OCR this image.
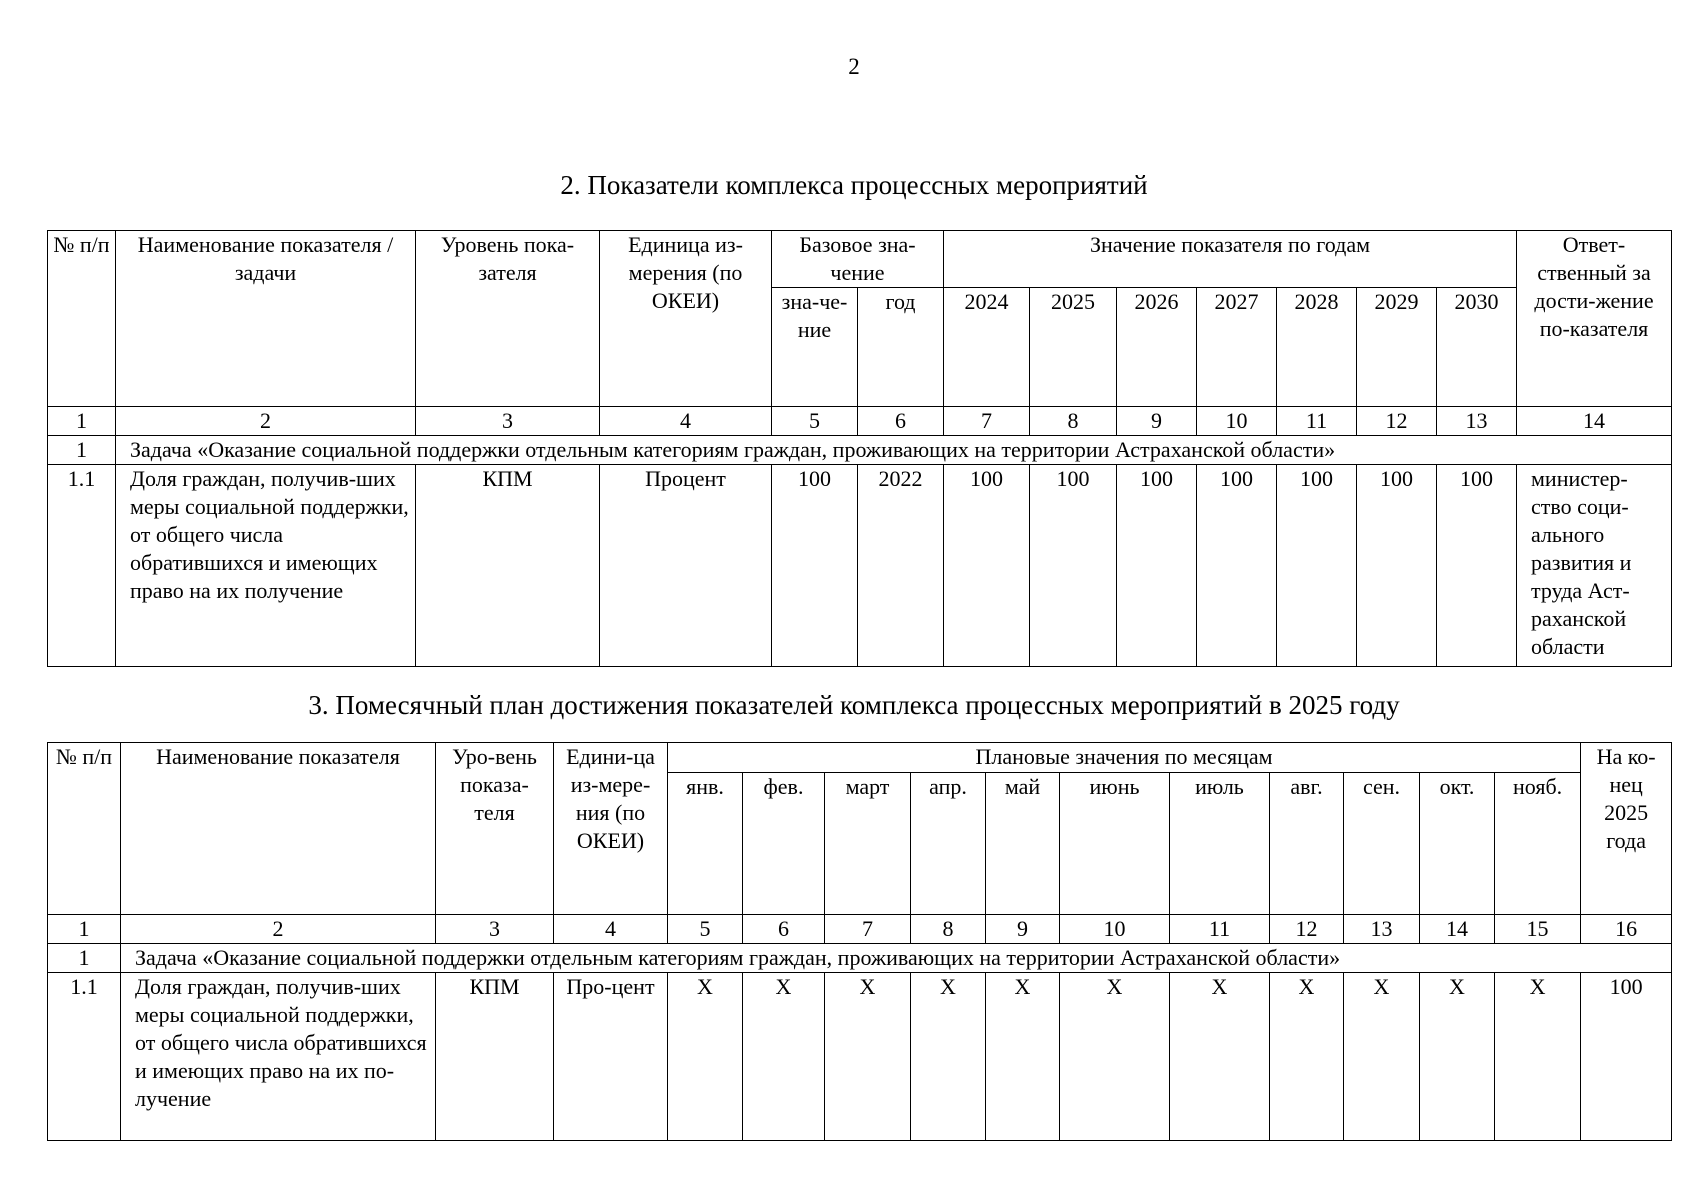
2
2. Показатели комплекса процессных мероприятий
№ п/п	Наименование показателя / задачи	Уровень пока-зателя	Единица из-мерения (по ОКЕИ)	Базовое зна-чение		Значение показателя по годам							Ответ-ственный за дости-жение по-казателя
				зна-че-ние	год	2024	2025	2026	2027	2028	2029	2030	
1	2	3	4	5	6	7	8	9	10	11	12	13	14
1	Задача «Оказание социальной поддержки отдельным категориям граждан, проживающих на территории Астраханской области»												
1.1	Доля граждан, получив-ших меры социальной поддержки, от общего числа обратившихся и имеющих право на их получение	КПМ	Процент	100	2022	100	100	100	100	100	100	100	министер-ство соци-ального развития и труда Аст-раханской области
3. Помесячный план достижения показателей комплекса процессных мероприятий в 2025 году
№ п/п	Наименование показателя	Уро-вень показа-теля	Едини-ца из-мере-ния (по ОКЕИ)	Плановые значения по месяцам											На ко-нец 2025 года
				янв.	фев.	март	апр.	май	июнь	июль	авг.	сен.	окт.	нояб.	
1	2	3	4	5	6	7	8	9	10	11	12	13	14	15	16
1	Задача «Оказание социальной поддержки отдельным категориям граждан, проживающих на территории Астраханской области»														
1.1	Доля граждан, получив-ших меры социальной поддержки, от общего числа обратившихся и имеющих право на их по-лучение	КПМ	Про-цент	X	X	X	X	X	X	X	X	X	X	X	100
